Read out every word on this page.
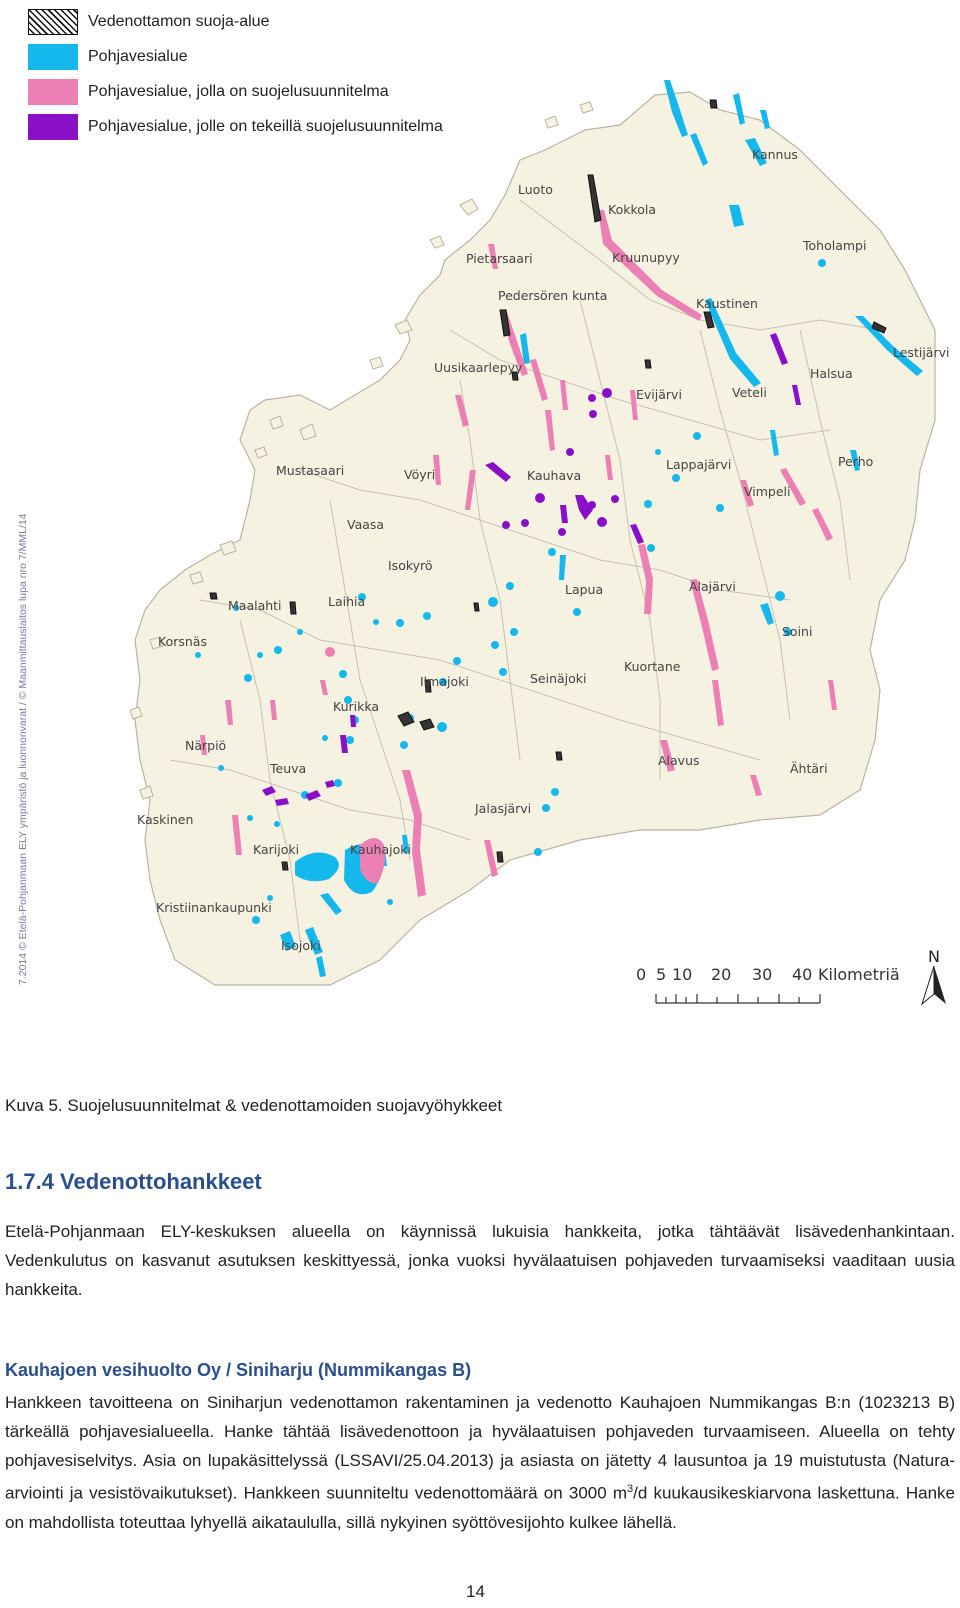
Kannus
Luoto
Kokkola
Toholampi
Pietarsaari	Kruunupyy
Pedersören kunta
Kaustinen
Lestijärvi
Uusikaarlepyy	Halsua
Evijärvi	Veteli
Lappajärvi	Perho
Mustasaari	Vöyri	Kauhava
Vimpeli
Vaasa
Isokyrö
Lapua	Alajärvi
Maalahti	Laihia
Soini
Korsnäs
Ilmajoki	Seinäjoki
Kuortane
Kurikka
Närpiö
Alavus
Teuva	Ähtäri
Kaskinen
Jalasjärvi
Karijoki	Kauhajoki
Kristiinankaupunki
Isojoki
Vedenottamon suoja-alue
Pohjavesialue
Pohjavesialue, jolla on suojelusuunnitelma
Pohjavesialue, jolle on tekeillä suojelusuunnitelma
7.2014 © Etelä-Pohjanmaan ELY ympäristö ja luonnonvarat / © Maanmittauslaitos lupa nro 7/MML/14	0 5 10 20 30 40 Kilometriä
N
Kuva 5. Suojelusuunnitelmat & vedenottamoiden suojavyöhykkeet
1.7.4 Vedenottohankkeet

Etelä-Pohjanmaan ELY-keskuksen alueella on käynnissä lukuisia hankkeita, jotka tähtäävät lisävedenhankintaan. Vedenkulutus on kasvanut asutuksen keskittyessä, jonka vuoksi hyvälaatuisen pohjaveden turvaamiseksi vaaditaan uusia hankkeita.

Kauhajoen vesihuolto Oy / Siniharju (Nummikangas B)

Hankkeen tavoitteena on Siniharjun vedenottamon rakentaminen ja vedenotto Kauhajoen Nummikangas B:n (1023213 B) tärkeällä pohjavesialueella. Hanke tähtää lisävedenottoon ja hyvälaatuisen pohjaveden turvaamiseen. Alueella on tehty pohjavesiselvitys. Asia on lupakäsittelyssä (LSSAVI/25.04.2013) ja asiasta on jätetty 4 lausuntoa ja 19 muistutusta (Natura-arviointi ja vesistövaikutukset). Hankkeen suunniteltu vedenottomäärä on 3000 $m^3/d$ kuukausikeskiarvona laskettuna. Hanke on mahdollista toteuttaa lyhyellä aikataululla, sillä nykyinen syöttövesijohto kulkee lähellä.

14
